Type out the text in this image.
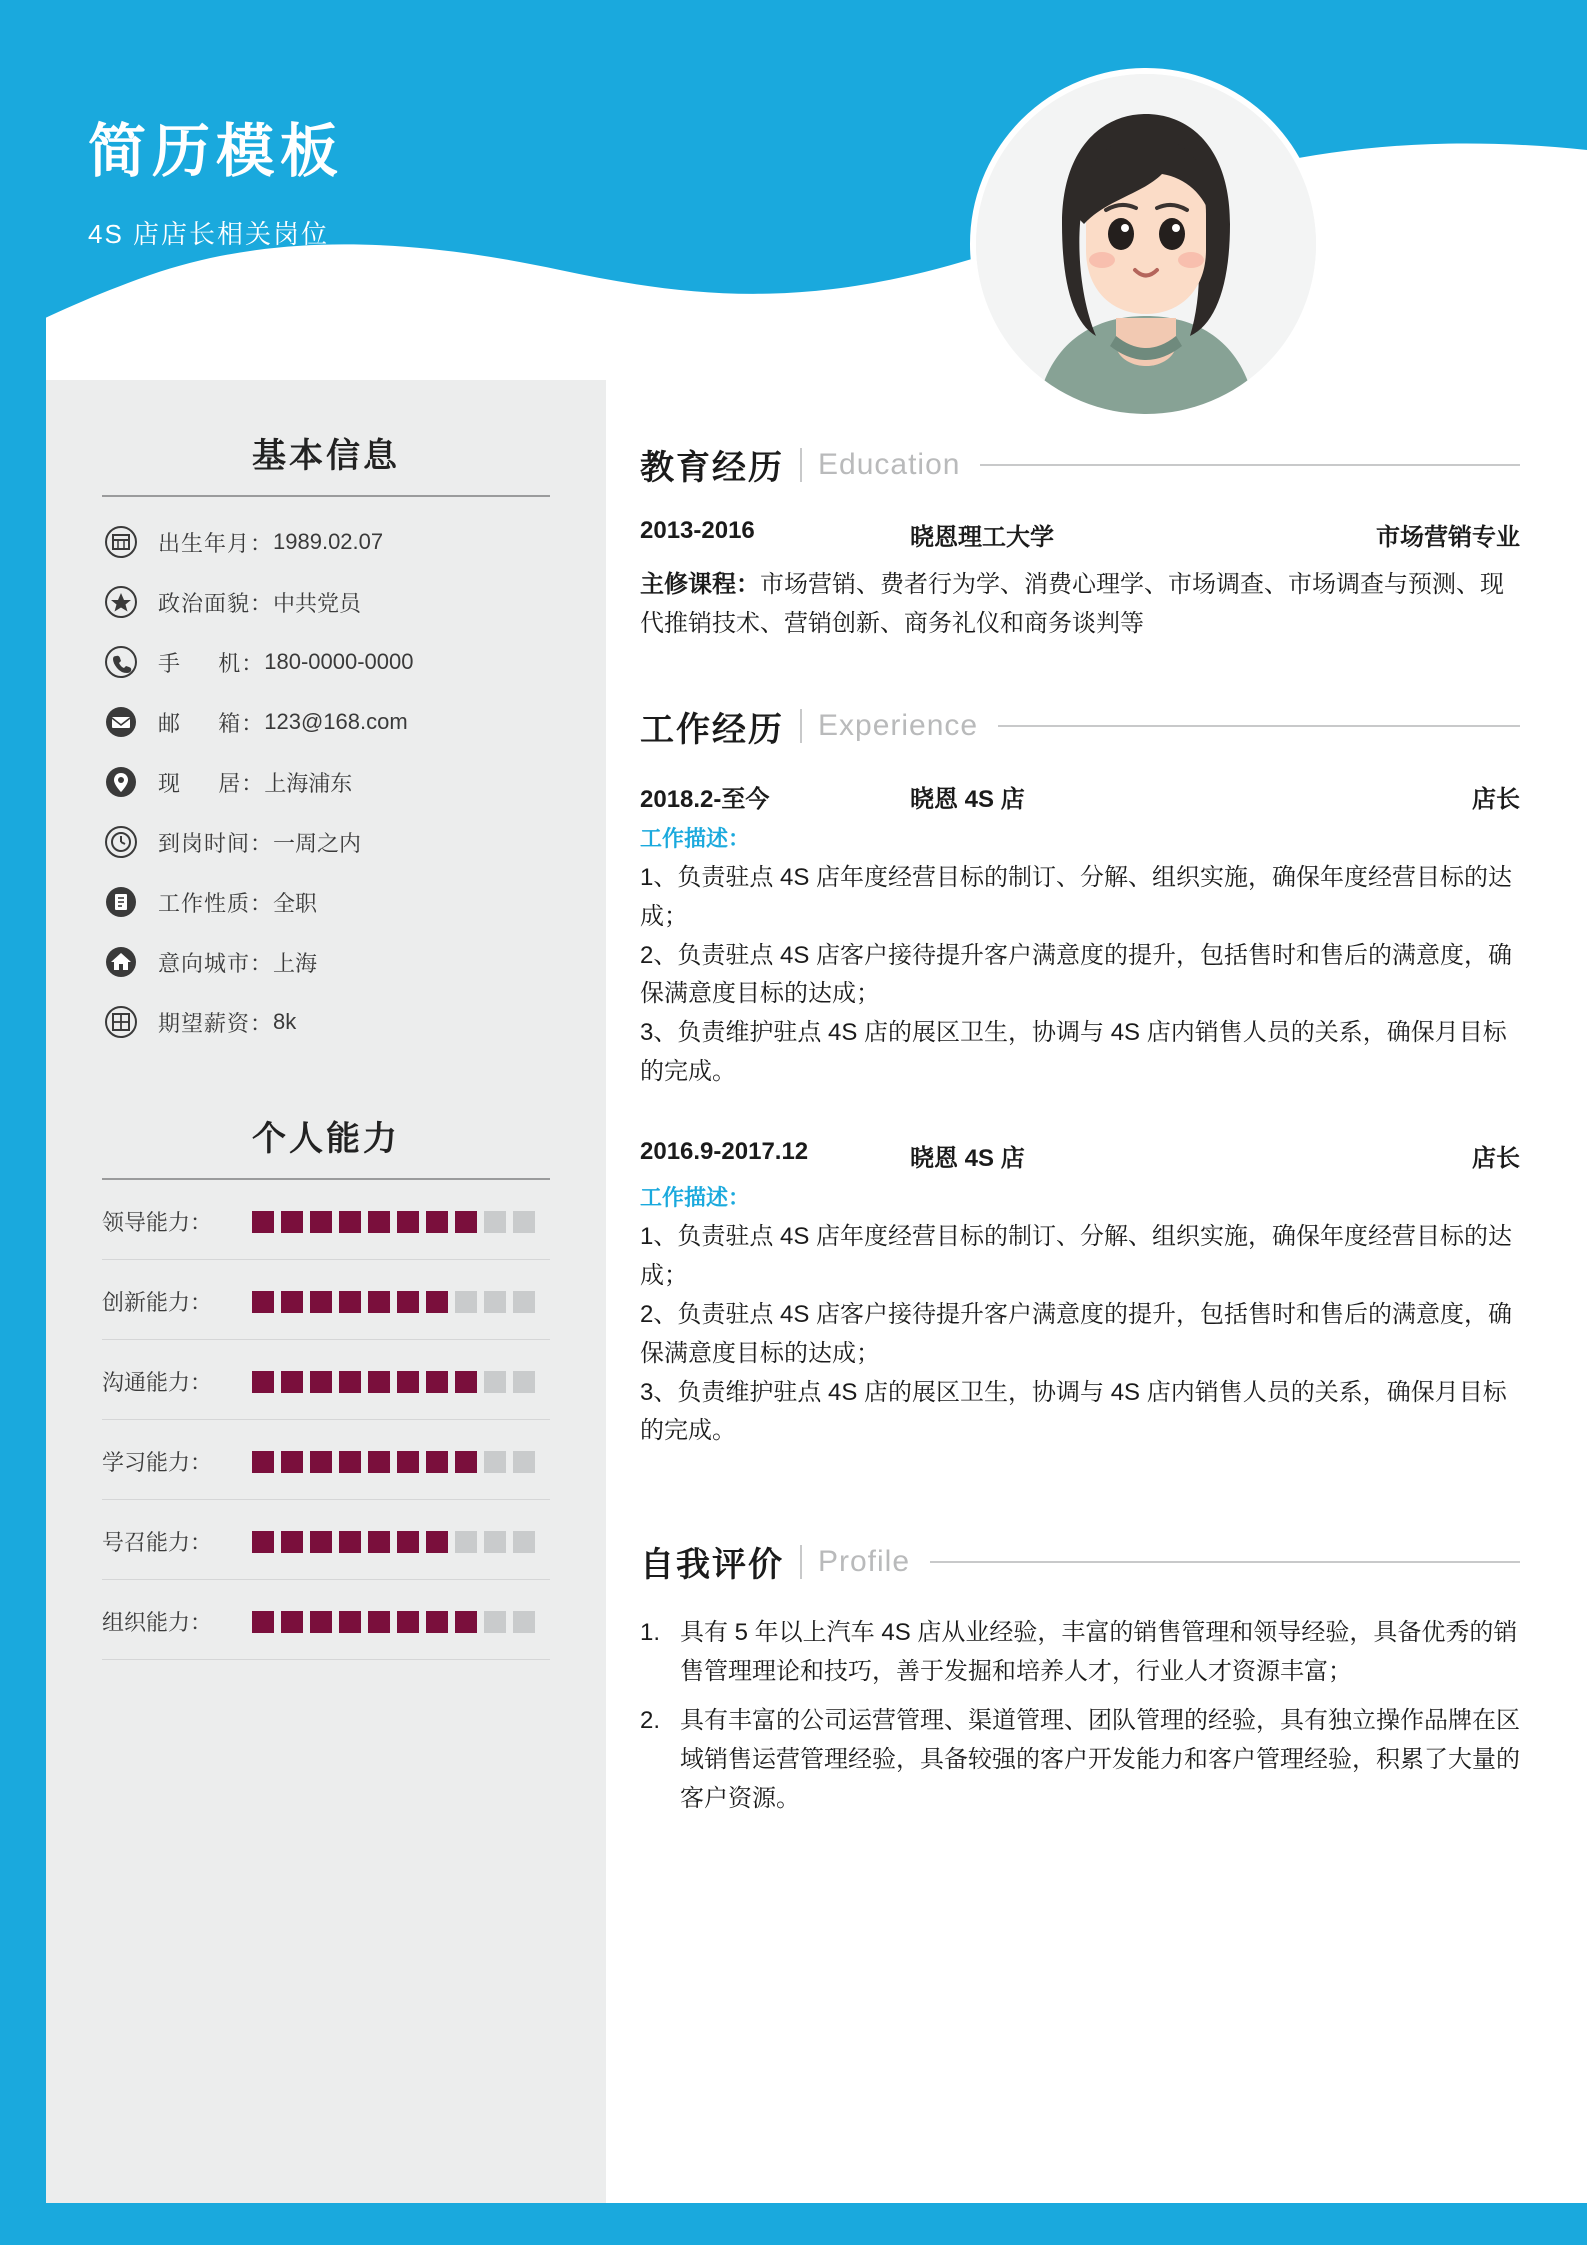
简历模板
4S 店店长相关岗位
基本信息
出生年月： 1989.02.07
政治面貌： 中共党员
手　  机： 180-0000-0000
邮　  箱： 123@168.com
现　  居： 上海浦东
到岗时间： 一周之内
工作性质： 全职
意向城市： 上海
期望薪资： 8k
个人能力
领导能力：
创新能力：
沟通能力：
学习能力：
号召能力：
组织能力：
教育经历 Education
2013-2016	晓恩理工大学	市场营销专业
主修课程：市场营销、费者行为学、消费心理学、市场调查、市场调查与预测、现代推销技术、营销创新、商务礼仪和商务谈判等
工作经历 Experience
2018.2-至今	晓恩 4S 店	店长
工作描述：
1、负责驻点 4S 店年度经营目标的制订、分解、组织实施，确保年度经营目标的达成；
2、负责驻点 4S 店客户接待提升客户满意度的提升，包括售时和售后的满意度，确保满意度目标的达成；
3、负责维护驻点 4S 店的展区卫生，协调与 4S 店内销售人员的关系，确保月目标的完成。
2016.9-2017.12	晓恩 4S 店	店长
工作描述：
1、负责驻点 4S 店年度经营目标的制订、分解、组织实施，确保年度经营目标的达成；
2、负责驻点 4S 店客户接待提升客户满意度的提升，包括售时和售后的满意度，确保满意度目标的达成；
3、负责维护驻点 4S 店的展区卫生，协调与 4S 店内销售人员的关系，确保月目标的完成。
自我评价 Profile
具有 5 年以上汽车 4S 店从业经验，丰富的销售管理和领导经验，具备优秀的销售管理理论和技巧，善于发掘和培养人才，行业人才资源丰富；
具有丰富的公司运营管理、渠道管理、团队管理的经验，具有独立操作品牌在区域销售运营管理经验，具备较强的客户开发能力和客户管理经验，积累了大量的客户资源。
